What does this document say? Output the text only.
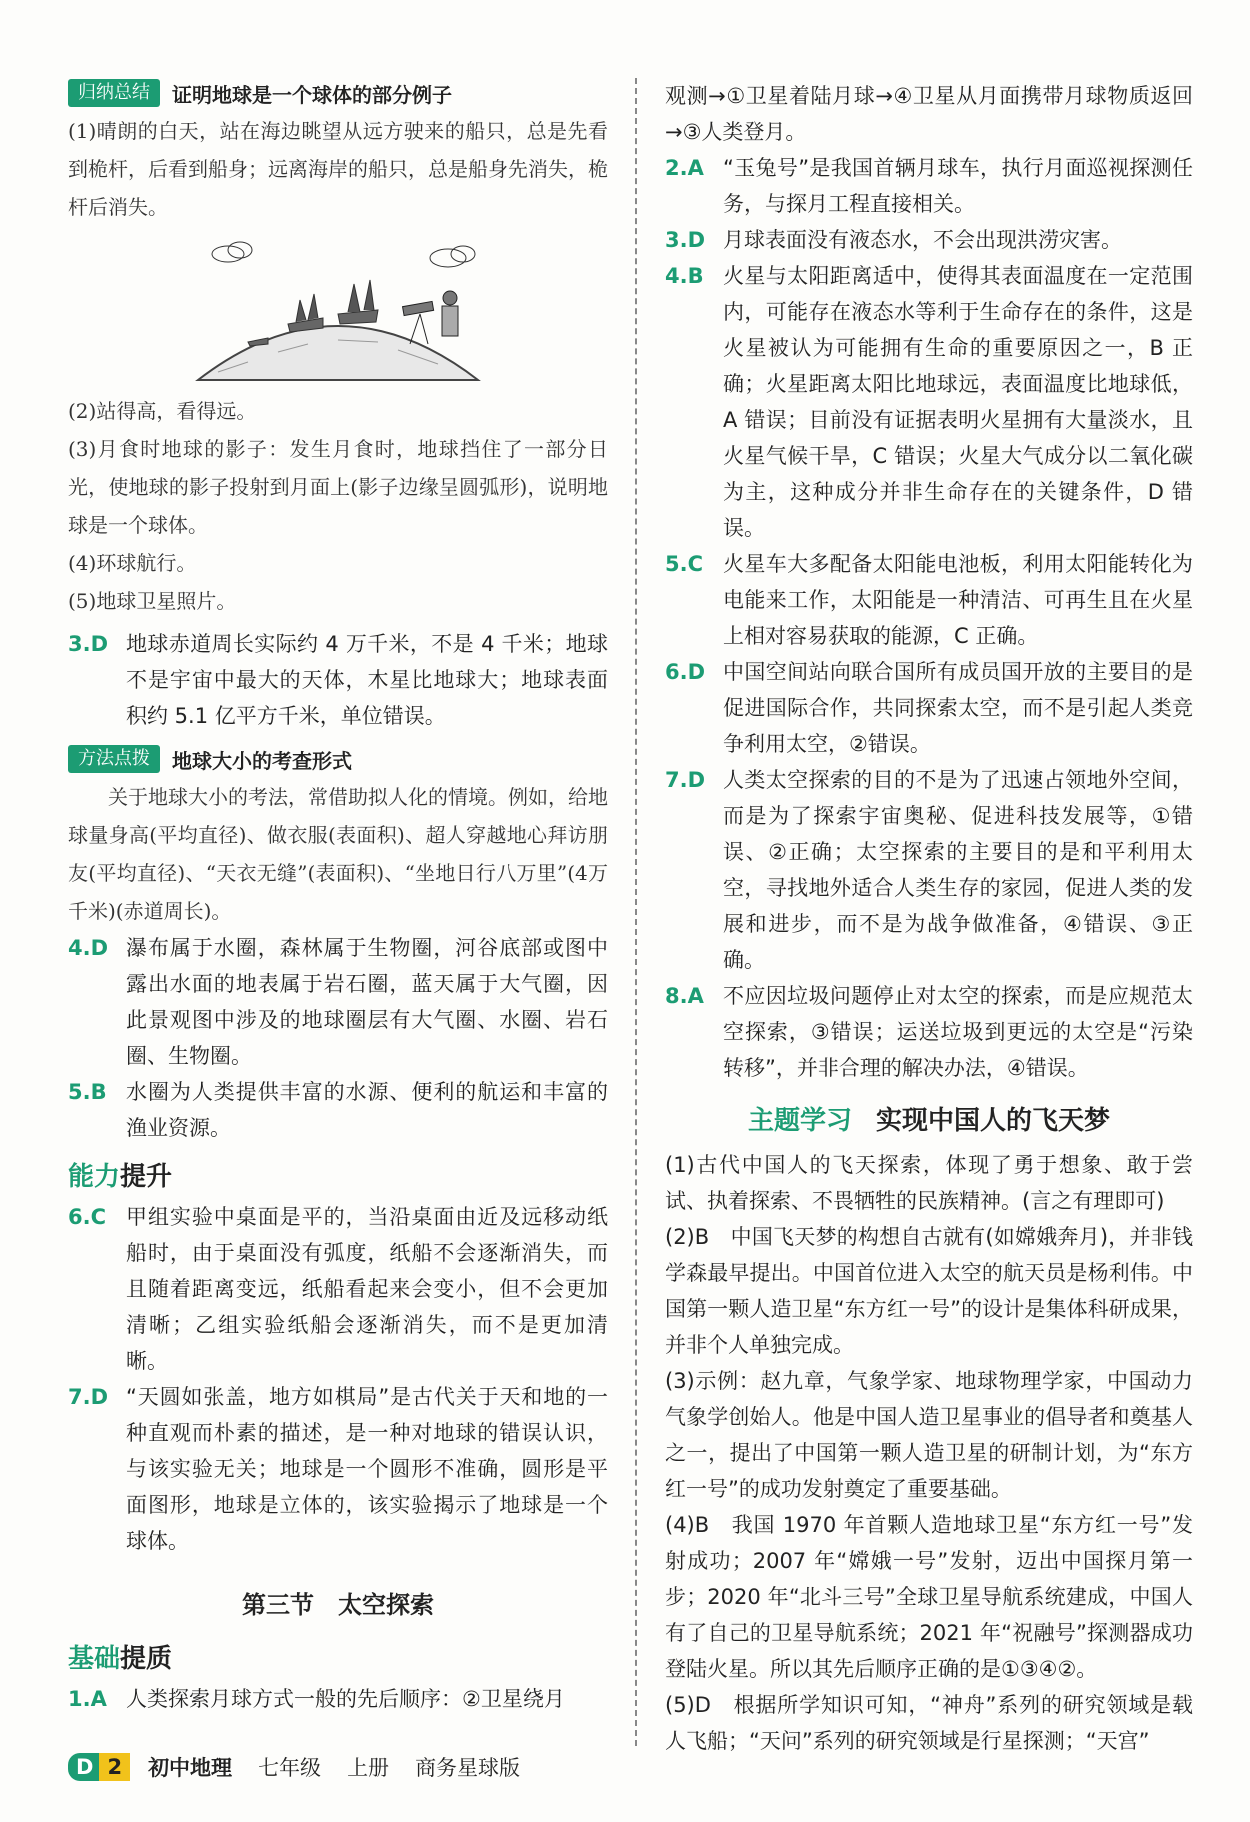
归纳总结	证明地球是一个球体的部分例子

(1)晴朗的白天，站在海边眺望从远方驶来的船只，总是先看到桅杆，后看到船身；远离海岸的船只，总是船身先消失，桅杆后消失。

(2)站得高，看得远。

(3)月食时地球的影子：发生月食时，地球挡住了一部分日光，使地球的影子投射到月面上(影子边缘呈圆弧形)，说明地球是一个球体。

(4)环球航行。

(5)地球卫星照片。

3.D 地球赤道周长实际约 4 万千米，不是 4 千米；地球不是宇宙中最大的天体，木星比地球大；地球表面积约 5.1 亿平方千米，单位错误。

方法点拨	地球大小的考查形式

关于地球大小的考法，常借助拟人化的情境。例如，给地球量身高(平均直径)、做衣服(表面积)、超人穿越地心拜访朋友(平均直径)、“天衣无缝”(表面积)、“坐地日行八万里”(4万千米)(赤道周长)。

4.D 瀑布属于水圈，森林属于生物圈，河谷底部或图中露出水面的地表属于岩石圈，蓝天属于大气圈，因此景观图中涉及的地球圈层有大气圈、水圈、岩石圈、生物圈。

5.B 水圈为人类提供丰富的水源、便利的航运和丰富的渔业资源。

能力提升
6.C 甲组实验中桌面是平的，当沿桌面由近及远移动纸船时，由于桌面没有弧度，纸船不会逐渐消失，而且随着距离变远，纸船看起来会变小，但不会更加清晰；乙组实验纸船会逐渐消失，而不是更加清晰。

7.D “天圆如张盖，地方如棋局”是古代关于天和地的一种直观而朴素的描述，是一种对地球的错误认识，与该实验无关；地球是一个圆形不准确，圆形是平面图形，地球是立体的，该实验揭示了地球是一个球体。

第三节　太空探索
基础提质
1.A 人类探索月球方式一般的先后顺序：②卫星绕月

观测→①卫星着陆月球→④卫星从月面携带月球物质返回→③人类登月。

2.A “玉兔号”是我国首辆月球车，执行月面巡视探测任务，与探月工程直接相关。

3.D 月球表面没有液态水，不会出现洪涝灾害。

4.B 火星与太阳距离适中，使得其表面温度在一定范围内，可能存在液态水等利于生命存在的条件，这是火星被认为可能拥有生命的重要原因之一，B 正确；火星距离太阳比地球远，表面温度比地球低，A 错误；目前没有证据表明火星拥有大量淡水，且火星气候干旱，C 错误；火星大气成分以二氧化碳为主，这种成分并非生命存在的关键条件，D 错误。

5.C 火星车大多配备太阳能电池板，利用太阳能转化为电能来工作，太阳能是一种清洁、可再生且在火星上相对容易获取的能源，C 正确。

6.D 中国空间站向联合国所有成员国开放的主要目的是促进国际合作，共同探索太空，而不是引起人类竞争利用太空，②错误。

7.D 人类太空探索的目的不是为了迅速占领地外空间，而是为了探索宇宙奥秘、促进科技发展等，①错误、②正确；太空探索的主要目的是和平利用太空，寻找地外适合人类生存的家园，促进人类的发展和进步，而不是为战争做准备，④错误、③正确。

8.A 不应因垃圾问题停止对太空的探索，而是应规范太空探索，③错误；运送垃圾到更远的太空是“污染转移”，并非合理的解决办法，④错误。

主题学习 实现中国人的飞天梦

(1)古代中国人的飞天探索，体现了勇于想象、敢于尝试、执着探索、不畏牺牲的民族精神。(言之有理即可)

(2)B　中国飞天梦的构想自古就有(如嫦娥奔月)，并非钱学森最早提出。中国首位进入太空的航天员是杨利伟。中国第一颗人造卫星“东方红一号”的设计是集体科研成果，并非个人单独完成。

(3)示例：赵九章，气象学家、地球物理学家，中国动力气象学创始人。他是中国人造卫星事业的倡导者和奠基人之一，提出了中国第一颗人造卫星的研制计划，为“东方红一号”的成功发射奠定了重要基础。

(4)B　我国 1970 年首颗人造地球卫星“东方红一号”发射成功；2007 年“嫦娥一号”发射，迈出中国探月第一步；2020 年“北斗三号”全球卫星导航系统建成，中国人有了自己的卫星导航系统；2021 年“祝融号”探测器成功登陆火星。所以其先后顺序正确的是①③④②。

(5)D　根据所学知识可知，“神舟”系列的研究领域是载人飞船；“天问”系列的研究领域是行星探测；“天宫”

D 2	初中地理 七年级 上册 商务星球版
